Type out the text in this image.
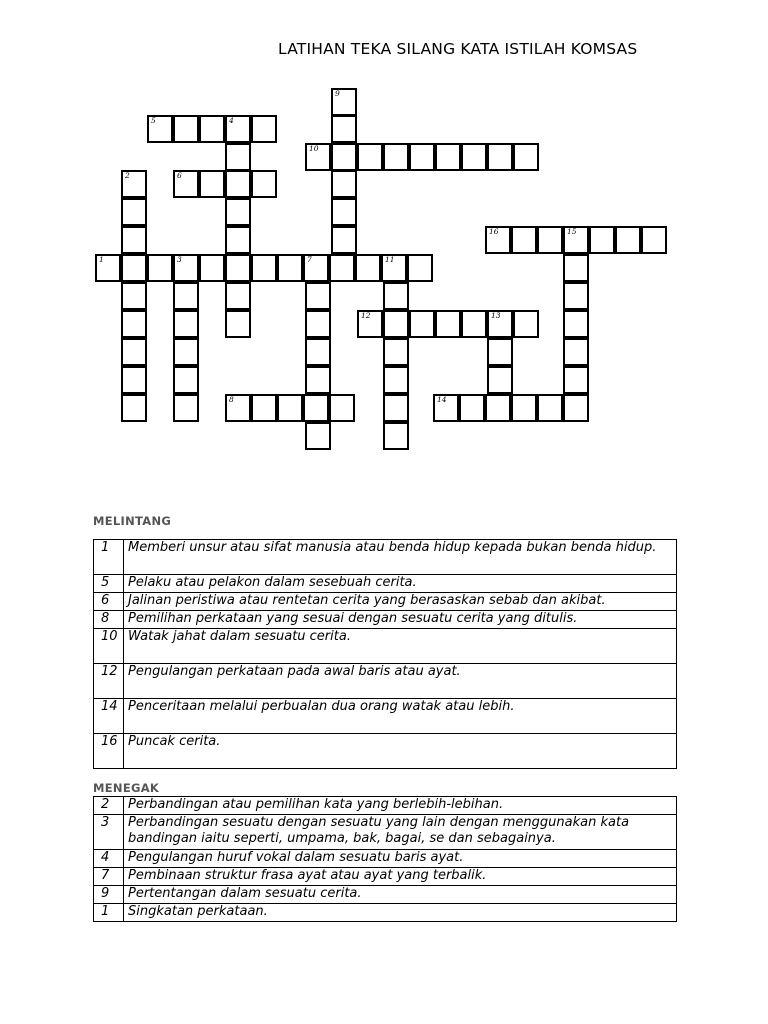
LATIHAN TEKA SILANG KATA ISTILAH KOMSAS
9
5	4
10
2	6
16	15
1	3	7	11
12	13
8	14
MELINTANG
1	Memberi unsur atau sifat manusia atau benda hidup kepada bukan benda hidup.
5	Pelaku atau pelakon dalam sesebuah cerita.
6	Jalinan peristiwa atau rentetan cerita yang berasaskan sebab dan akibat.
8	Pemilihan perkataan yang sesuai dengan sesuatu cerita yang ditulis.
10	Watak jahat dalam sesuatu cerita.
12	Pengulangan perkataan pada awal baris atau ayat.
14	Penceritaan melalui perbualan dua orang watak atau lebih.
16	Puncak cerita.
MENEGAK
2	Perbandingan atau pemilihan kata yang berlebih-lebihan.
3	Perbandingan sesuatu dengan sesuatu yang lain dengan menggunakan kata bandingan iaitu seperti, umpama, bak, bagai, se dan sebagainya.
4	Pengulangan huruf vokal dalam sesuatu baris ayat.
7	Pembinaan struktur frasa ayat atau ayat yang terbalik.
9	Pertentangan dalam sesuatu cerita.
1	Singkatan perkataan.
